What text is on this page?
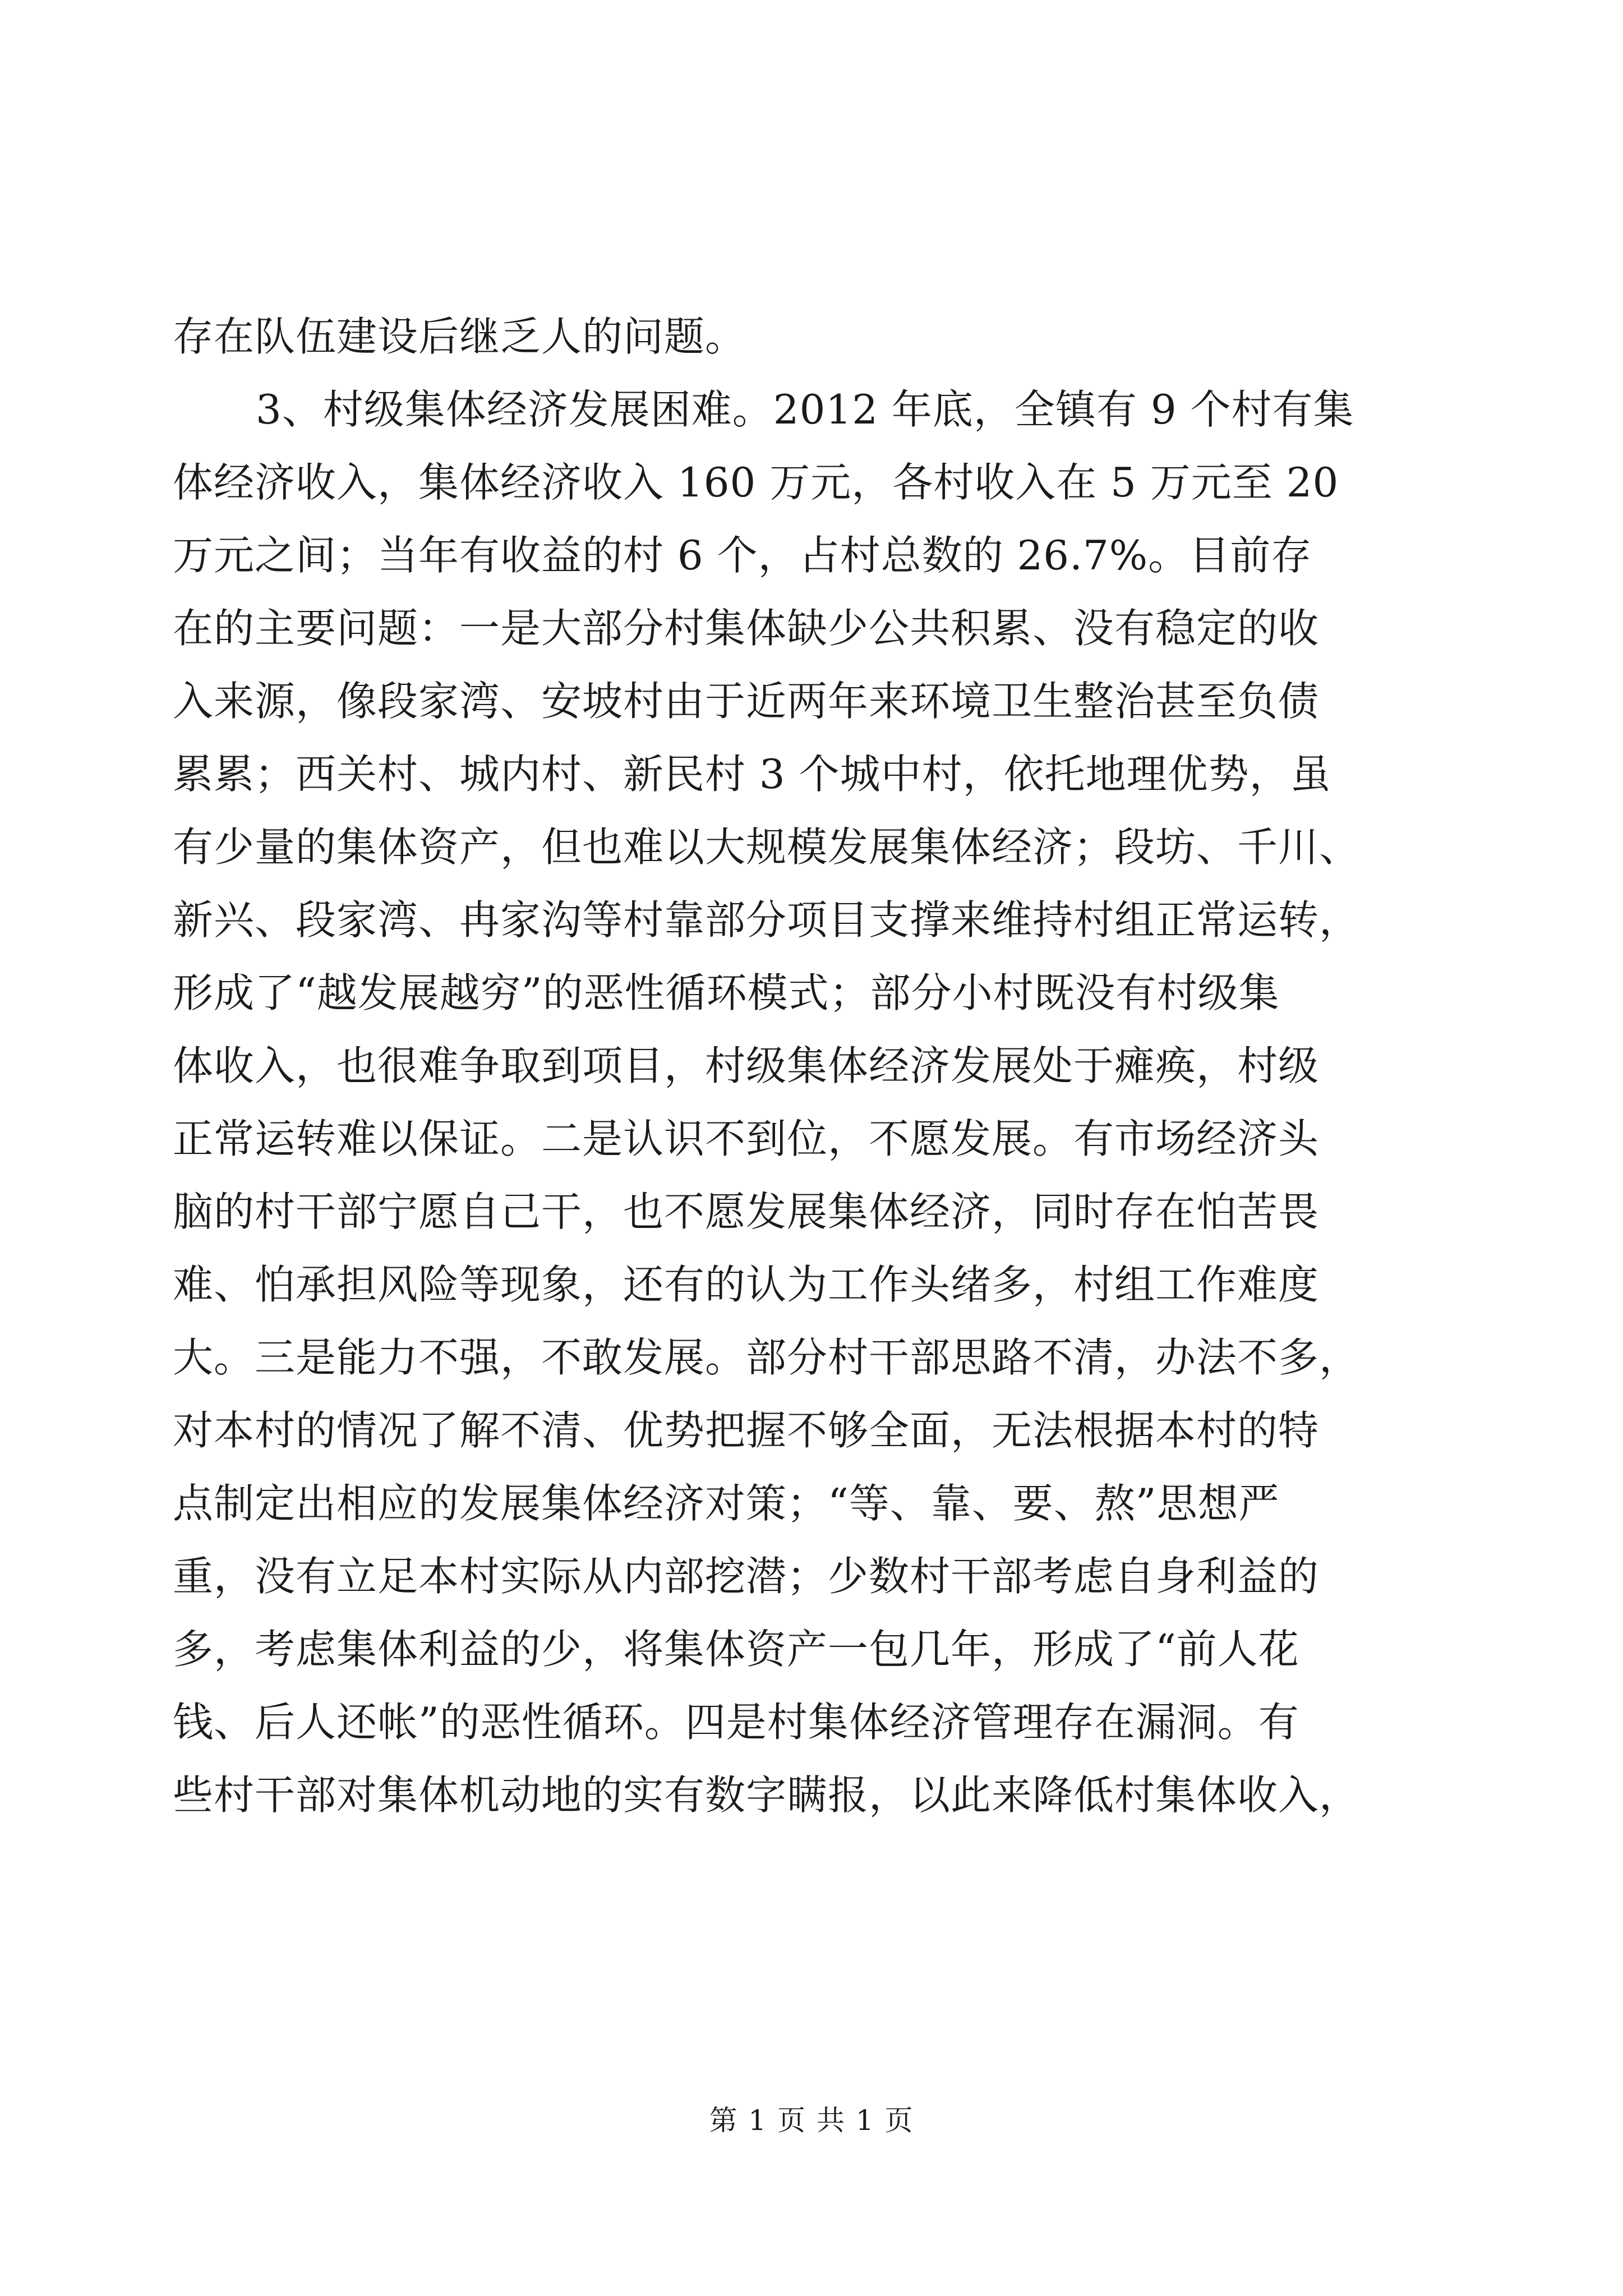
存在队伍建设后继乏人的问题。
3、村级集体经济发展困难。2012 年底，全镇有 9 个村有集
体经济收入，集体经济收入 160 万元，各村收入在 5 万元至 20
万元之间；当年有收益的村 6 个，占村总数的 26.7%。目前存
在的主要问题：一是大部分村集体缺少公共积累、没有稳定的收
入来源，像段家湾、安坡村由于近两年来环境卫生整治甚至负债
累累；西关村、城内村、新民村 3 个城中村，依托地理优势，虽
有少量的集体资产，但也难以大规模发展集体经济；段坊、千川、
新兴、段家湾、冉家沟等村靠部分项目支撑来维持村组正常运转，
形成了“越发展越穷”的恶性循环模式；部分小村既没有村级集
体收入，也很难争取到项目，村级集体经济发展处于瘫痪，村级
正常运转难以保证。二是认识不到位，不愿发展。有市场经济头
脑的村干部宁愿自己干，也不愿发展集体经济，同时存在怕苦畏
难、怕承担风险等现象，还有的认为工作头绪多，村组工作难度
大。三是能力不强，不敢发展。部分村干部思路不清，办法不多，
对本村的情况了解不清、优势把握不够全面，无法根据本村的特
点制定出相应的发展集体经济对策；“等、靠、要、熬”思想严
重，没有立足本村实际从内部挖潜；少数村干部考虑自身利益的
多，考虑集体利益的少，将集体资产一包几年，形成了“前人花
钱、后人还帐”的恶性循环。四是村集体经济管理存在漏洞。有
些村干部对集体机动地的实有数字瞒报，以此来降低村集体收入，
第 1 页 共 1 页
